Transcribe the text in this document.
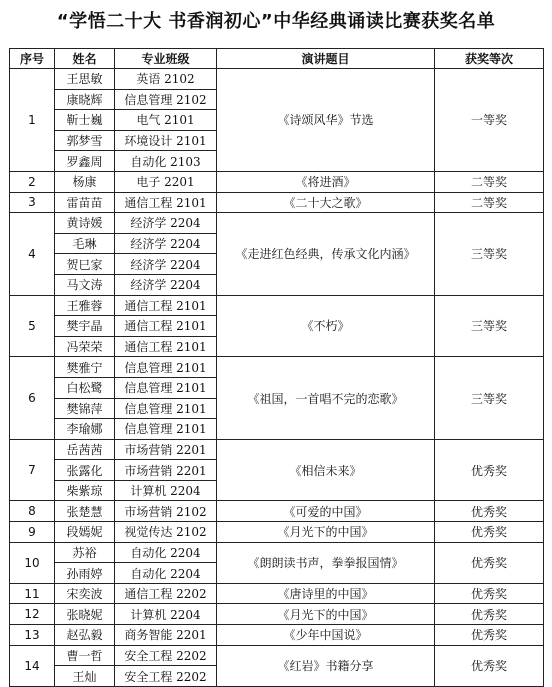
“学悟二十大 书香润初心”中华经典诵读比赛获奖名单
序号	姓名	专业班级	演讲题目	获奖等次
1	王思敏	英语 2102	《诗颂风华》节选	一等奖
	康晓辉	信息管理 2102		
	靳士巍	电气 2101		
	郭梦雪	环境设计 2101		
	罗鑫周	自动化 2103		
2	杨康	电子 2201	《将进酒》	二等奖
3	雷苗苗	通信工程 2101	《二十大之歌》	二等奖
4	黄诗媛	经济学 2204	《走进红色经典，传承文化内涵》	三等奖
	毛琳	经济学 2204		
	贺巳家	经济学 2204		
	马文涛	经济学 2204		
5	王雅蓉	通信工程 2101	《不朽》	三等奖
	樊宇晶	通信工程 2101		
	冯荣荣	通信工程 2101		
6	樊雅宁	信息管理 2101	《祖国，一首唱不完的恋歌》	三等奖
	白松鹭	信息管理 2101		
	樊锦萍	信息管理 2101		
	李瑜娜	信息管理 2101		
7	岳茜茜	市场营销 2201	《相信未来》	优秀奖
	张露化	市场营销 2201		
	柴紫琼	计算机 2204		
8	张楚慧	市场营销 2102	《可爱的中国》	优秀奖
9	段嫣妮	视觉传达 2102	《月光下的中国》	优秀奖
10	苏裕	自动化 2204	《朗朗读书声，拳拳报国情》	优秀奖
	孙雨婷	自动化 2204		
11	宋奕波	通信工程 2202	《唐诗里的中国》	优秀奖
12	张晓妮	计算机 2204	《月光下的中国》	优秀奖
13	赵弘毅	商务智能 2201	《少年中国说》	优秀奖
14	曹一哲	安全工程 2202	《红岩》书籍分享	优秀奖
	王灿	安全工程 2202		
